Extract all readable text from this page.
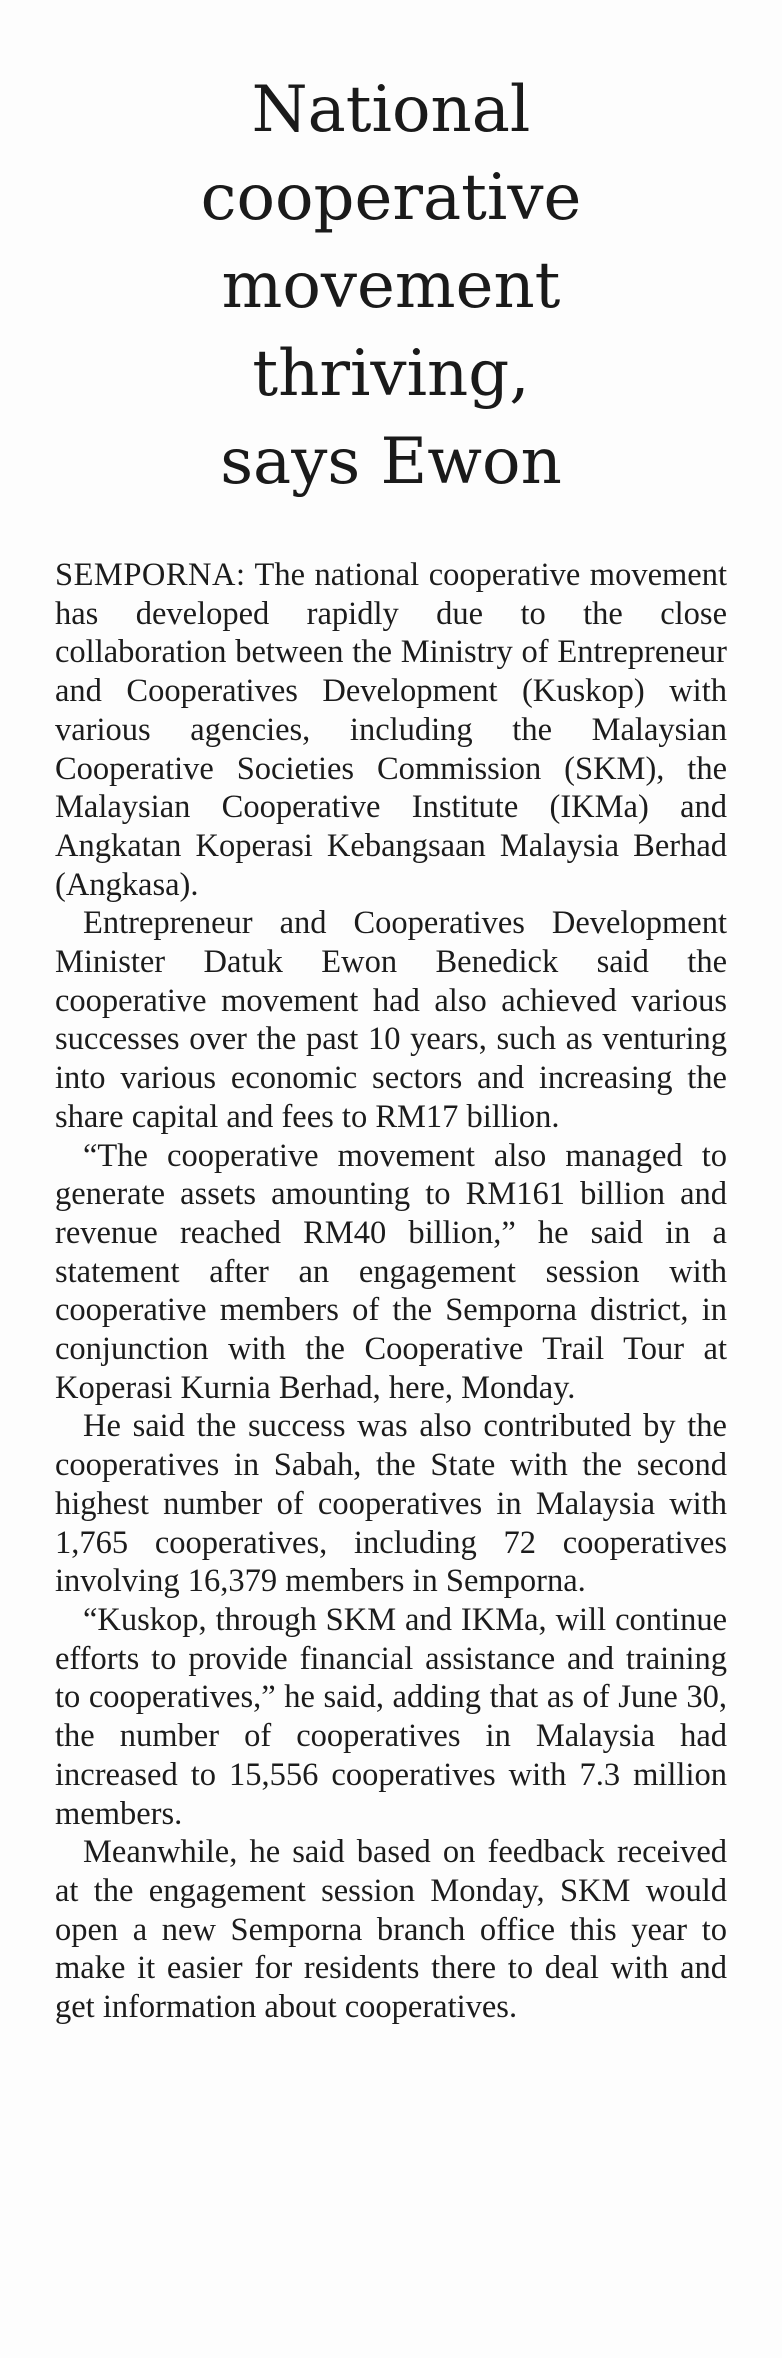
National
cooperative
movement
thriving,
says Ewon

SEMPORNA: The national cooperative movement has developed rapidly due to the close collaboration between the Ministry of Entrepreneur and Cooperatives Development (Kuskop) with various agencies, including the Malaysian Cooperative Societies Commission (SKM), the Malaysian Cooperative Institute (IKMa) and Angkatan Koperasi Kebangsaan Malaysia Berhad (Angkasa).

Entrepreneur and Cooperatives Development Minister Datuk Ewon Benedick said the cooperative movement had also achieved various successes over the past 10 years, such as venturing into various economic sectors and increasing the share capital and fees to RM17 billion.

“The cooperative movement also managed to generate assets amounting to RM161 billion and revenue reached RM40 billion,” he said in a statement after an engagement session with cooperative members of the Semporna district, in conjunction with the Cooperative Trail Tour at Koperasi Kurnia Berhad, here, Monday.

He said the success was also contributed by the cooperatives in Sabah, the State with the second highest number of cooperatives in Malaysia with 1,765 cooperatives, including 72 cooperatives involving 16,379 members in Semporna.

“Kuskop, through SKM and IKMa, will continue efforts to provide financial assistance and training to cooperatives,” he said, adding that as of June 30, the number of cooperatives in Malaysia had increased to 15,556 cooperatives with 7.3 million members.

Meanwhile, he said based on feedback received at the engagement session Monday, SKM would open a new Semporna branch office this year to make it easier for residents there to deal with and get information about cooperatives.
